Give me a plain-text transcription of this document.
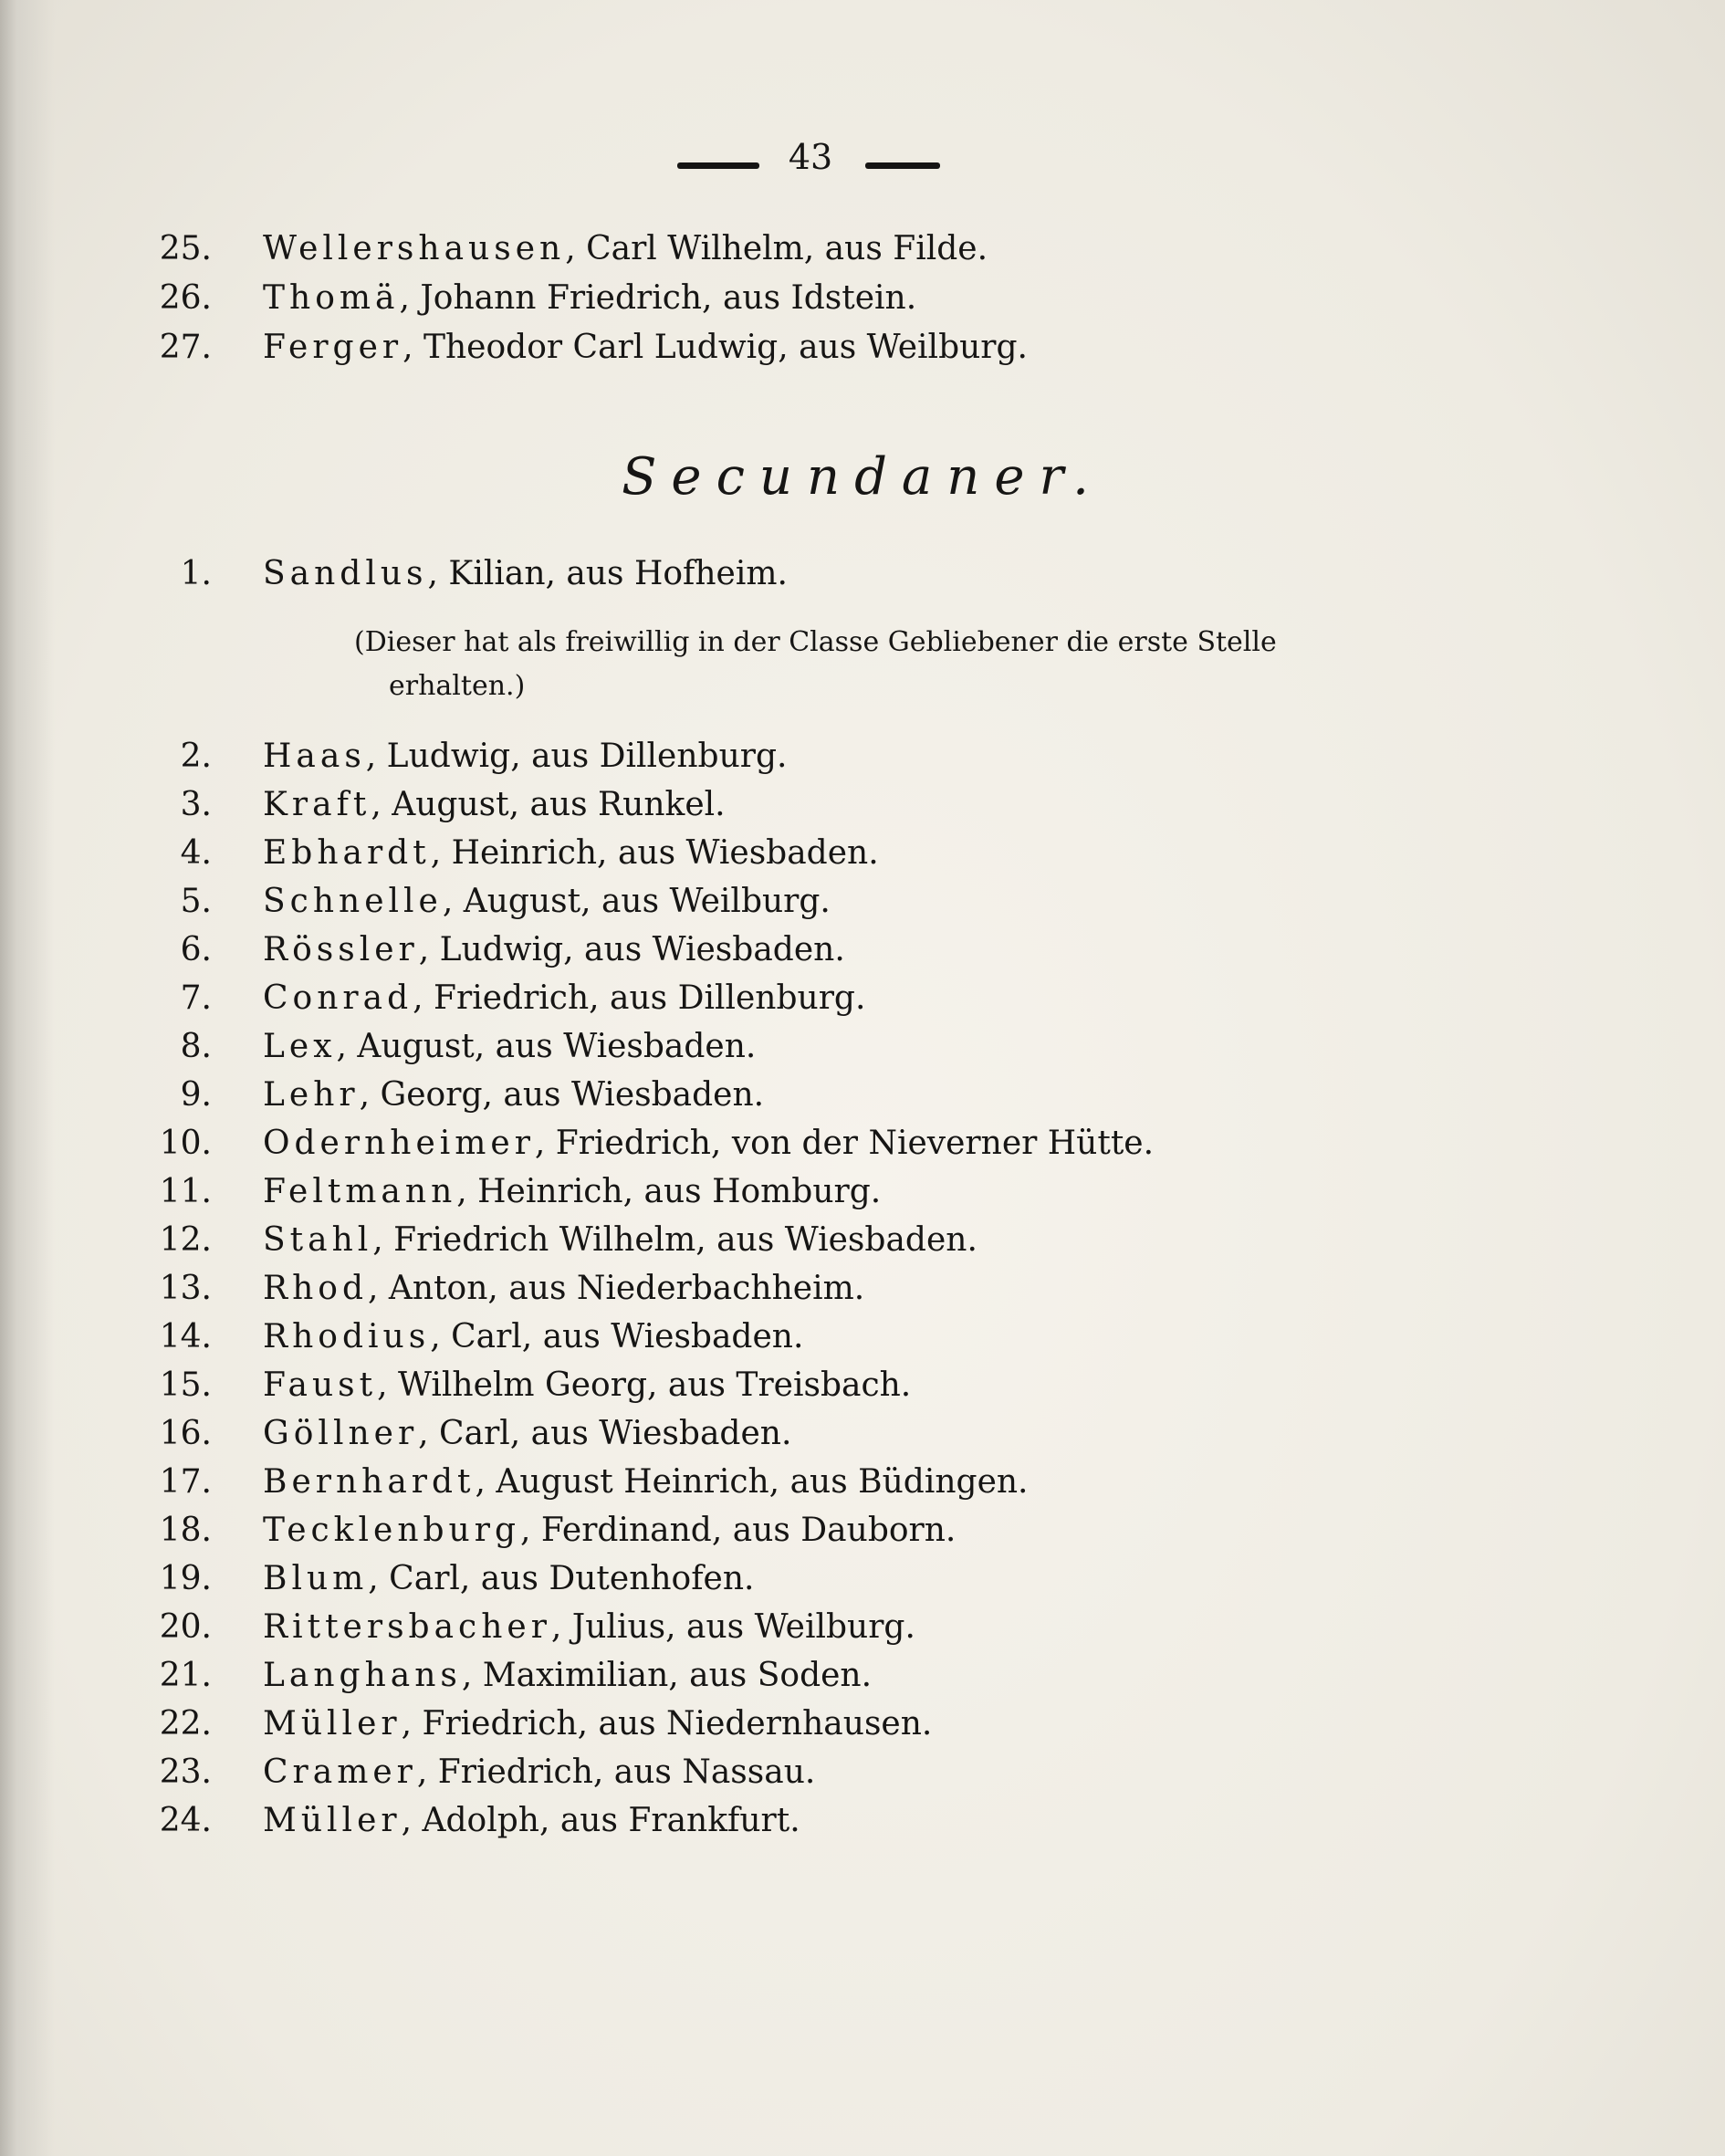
43
25. Wellershausen, Carl Wilhelm, aus Filde.
26. Thomä, Johann Friedrich, aus Idstein.
27. Ferger, Theodor Carl Ludwig, aus Weilburg.
Secundaner.
1. Sandlus, Kilian, aus Hofheim.
(Dieser hat als freiwillig in der Classe Gebliebener die erste Stelle
erhalten.)
2. Haas, Ludwig, aus Dillenburg.
3. Kraft, August, aus Runkel.
4. Ebhardt, Heinrich, aus Wiesbaden.
5. Schnelle, August, aus Weilburg.
6. Rössler, Ludwig, aus Wiesbaden.
7. Conrad, Friedrich, aus Dillenburg.
8. Lex, August, aus Wiesbaden.
9. Lehr, Georg, aus Wiesbaden.
10. Odernheimer, Friedrich, von der Nieverner Hütte.
11. Feltmann, Heinrich, aus Homburg.
12. Stahl, Friedrich Wilhelm, aus Wiesbaden.
13. Rhod, Anton, aus Niederbachheim.
14. Rhodius, Carl, aus Wiesbaden.
15. Faust, Wilhelm Georg, aus Treisbach.
16. Göllner, Carl, aus Wiesbaden.
17. Bernhardt, August Heinrich, aus Büdingen.
18. Tecklenburg, Ferdinand, aus Dauborn.
19. Blum, Carl, aus Dutenhofen.
20. Rittersbacher, Julius, aus Weilburg.
21. Langhans, Maximilian, aus Soden.
22. Müller, Friedrich, aus Niedernhausen.
23. Cramer, Friedrich, aus Nassau.
24. Müller, Adolph, aus Frankfurt.
